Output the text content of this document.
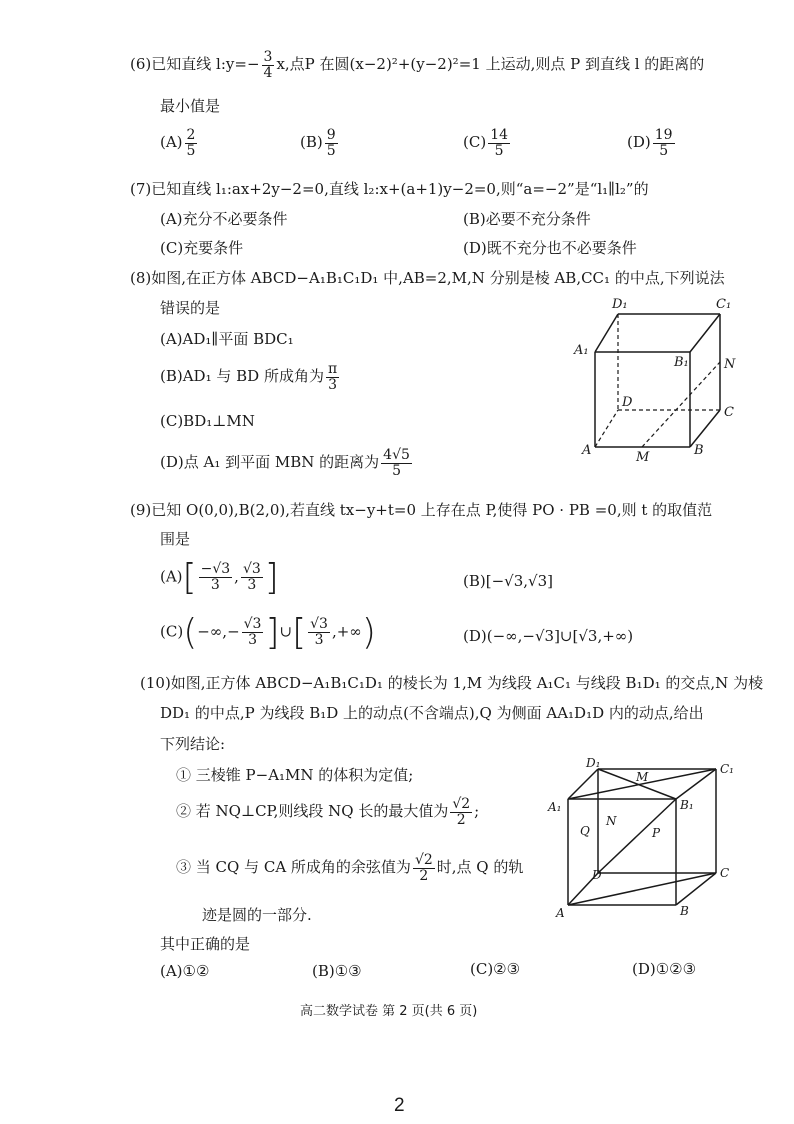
(6)已知直线 l:y=− $\frac{3}{4} x$,点P 在圆(x−2)²+(y−2)²=1 上运动,则点 P 到直线 l 的距离的
最小值是
$(A) \frac{2}{5}$	$(B) \frac{9}{5}$	$(C) \frac{14}{5}$	$(D) \frac{19}{5}$
(7)已知直线 l₁:ax+2y−2=0,直线 l₂:x+(a+1)y−2=0,则“a=−2”是“l₁∥l₂”的
(A)充分不必要条件	(B)必要不充分条件
(C)充要条件	(D)既不充分也不必要条件
(8)如图,在正方体 ABCD−A₁B₁C₁D₁ 中,AB=2,M,N 分别是棱 AB,CC₁ 的中点,下列说法
错误的是
(A)AD₁∥平面 BDC₁
(B)AD₁ 与 BD 所成角为 $\frac{\pi}{3}$
(C)BD₁⊥MN
(D)点 A₁ 到平面 MBN 的距离为 $\frac{4√5}{5}$
D₁	C₁
A₁
B₁	N
D
C
A	B
M
(9)已知 O(0,0),B(2,0),若直线 tx−y+t=0 上存在点 P,使得 PO · PB =0,则 t 的取值范
围是
$(A)[ \frac{-√3}{3}$ , $\frac{√3}{3}$ ]	(B)[−√3,√3]
$(C)(-\infty,- \frac{√3}{3}$ ]∪[ $\frac{√3}{3}$ ,+∞)	(D)(−∞,−√3]∪[√3,+∞)
(10)如图,正方体 ABCD−A₁B₁C₁D₁ 的棱长为 1,M 为线段 A₁C₁ 与线段 B₁D₁ 的交点,N 为棱
DD₁ 的中点,P 为线段 B₁D 上的动点(不含端点),Q 为侧面 AA₁D₁D 内的动点,给出
下列结论:
① 三棱锥 P−A₁MN 的体积为定值;
② 若 NQ⊥CP,则线段 NQ 长的最大值为 $\frac{√2}{2}$ ;
③ 当 CQ 与 CA 所成角的余弦值为 $\frac{√2}{2}$ 时,点 Q 的轨
迹是圆的一部分.
其中正确的是
(A)①②	(B)①③	(C)②③	(D)①②③
D₁
M
C₁
A₁	B₁
Q
N
P
D	C
A	B
高二数学试卷 第 2 页(共 6 页)
2
